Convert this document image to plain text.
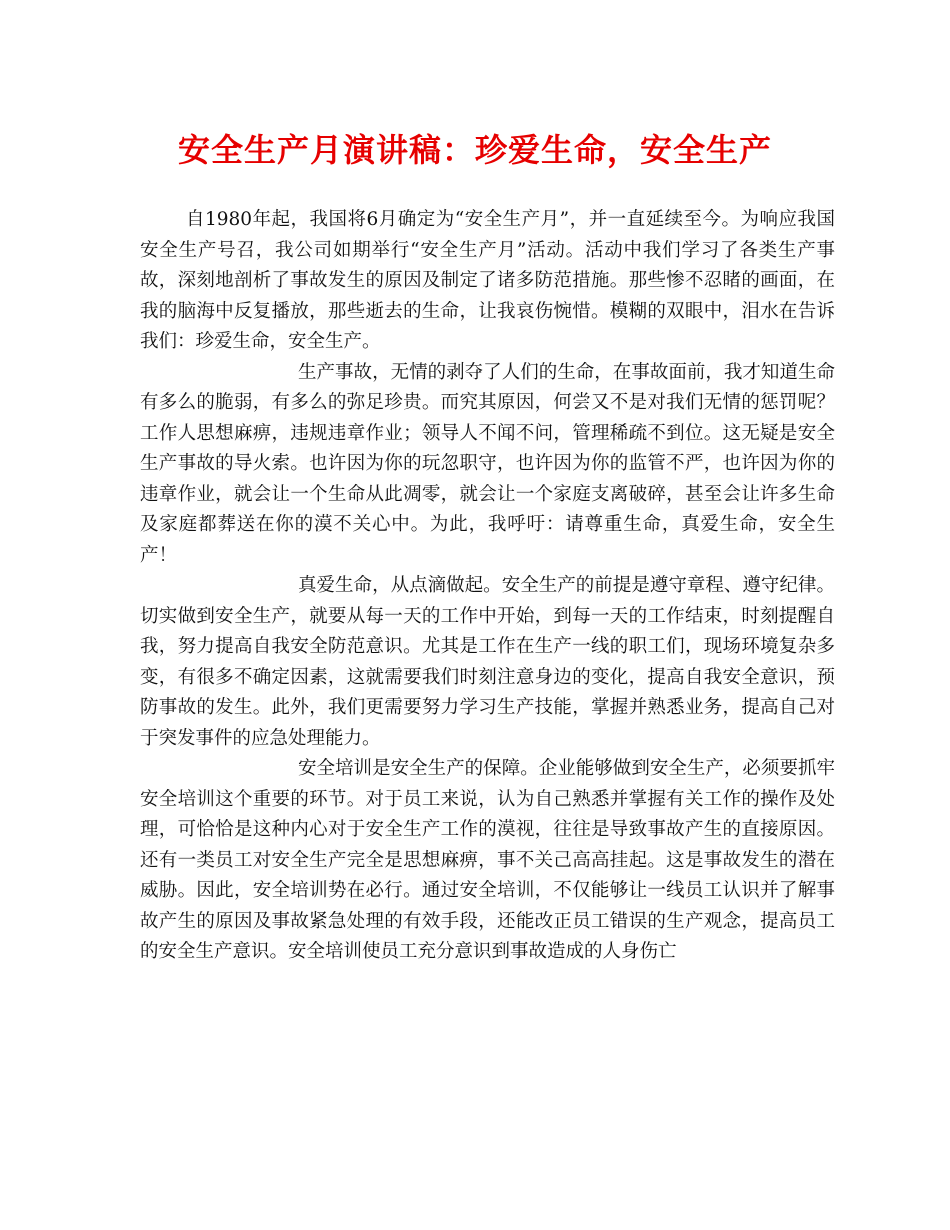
安全生产月演讲稿：珍爱生命，安全生产

自1980年起，我国将6月确定为“安全生产月”，并一直延续至今。为响应我国安全生产号召，我公司如期举行“安全生产月”活动。活动中我们学习了各类生产事故，深刻地剖析了事故发生的原因及制定了诸多防范措施。那些惨不忍睹的画面，在我的脑海中反复播放，那些逝去的生命，让我哀伤惋惜。模糊的双眼中，泪水在告诉我们：珍爱生命，安全生产。

生产事故，无情的剥夺了人们的生命，在事故面前，我才知道生命有多么的脆弱，有多么的弥足珍贵。而究其原因，何尝又不是对我们无情的惩罚呢？工作人思想麻痹，违规违章作业；领导人不闻不问，管理稀疏不到位。这无疑是安全生产事故的导火索。也许因为你的玩忽职守，也许因为你的监管不严，也许因为你的违章作业，就会让一个生命从此凋零，就会让一个家庭支离破碎，甚至会让许多生命及家庭都葬送在你的漠不关心中。为此，我呼吁：请尊重生命，真爱生命，安全生产！

真爱生命，从点滴做起。安全生产的前提是遵守章程、遵守纪律。切实做到安全生产，就要从每一天的工作中开始，到每一天的工作结束，时刻提醒自我，努力提高自我安全防范意识。尤其是工作在生产一线的职工们，现场环境复杂多变，有很多不确定因素，这就需要我们时刻注意身边的变化，提高自我安全意识，预防事故的发生。此外，我们更需要努力学习生产技能，掌握并熟悉业务，提高自己对于突发事件的应急处理能力。

安全培训是安全生产的保障。企业能够做到安全生产，必须要抓牢安全培训这个重要的环节。对于员工来说，认为自己熟悉并掌握有关工作的操作及处理，可恰恰是这种内心对于安全生产工作的漠视，往往是导致事故产生的直接原因。还有一类员工对安全生产完全是思想麻痹，事不关己高高挂起。这是事故发生的潜在威胁。因此，安全培训势在必行。通过安全培训，不仅能够让一线员工认识并了解事故产生的原因及事故紧急处理的有效手段，还能改正员工错误的生产观念，提高员工的安全生产意识。安全培训使员工充分意识到事故造成的人身伤亡
